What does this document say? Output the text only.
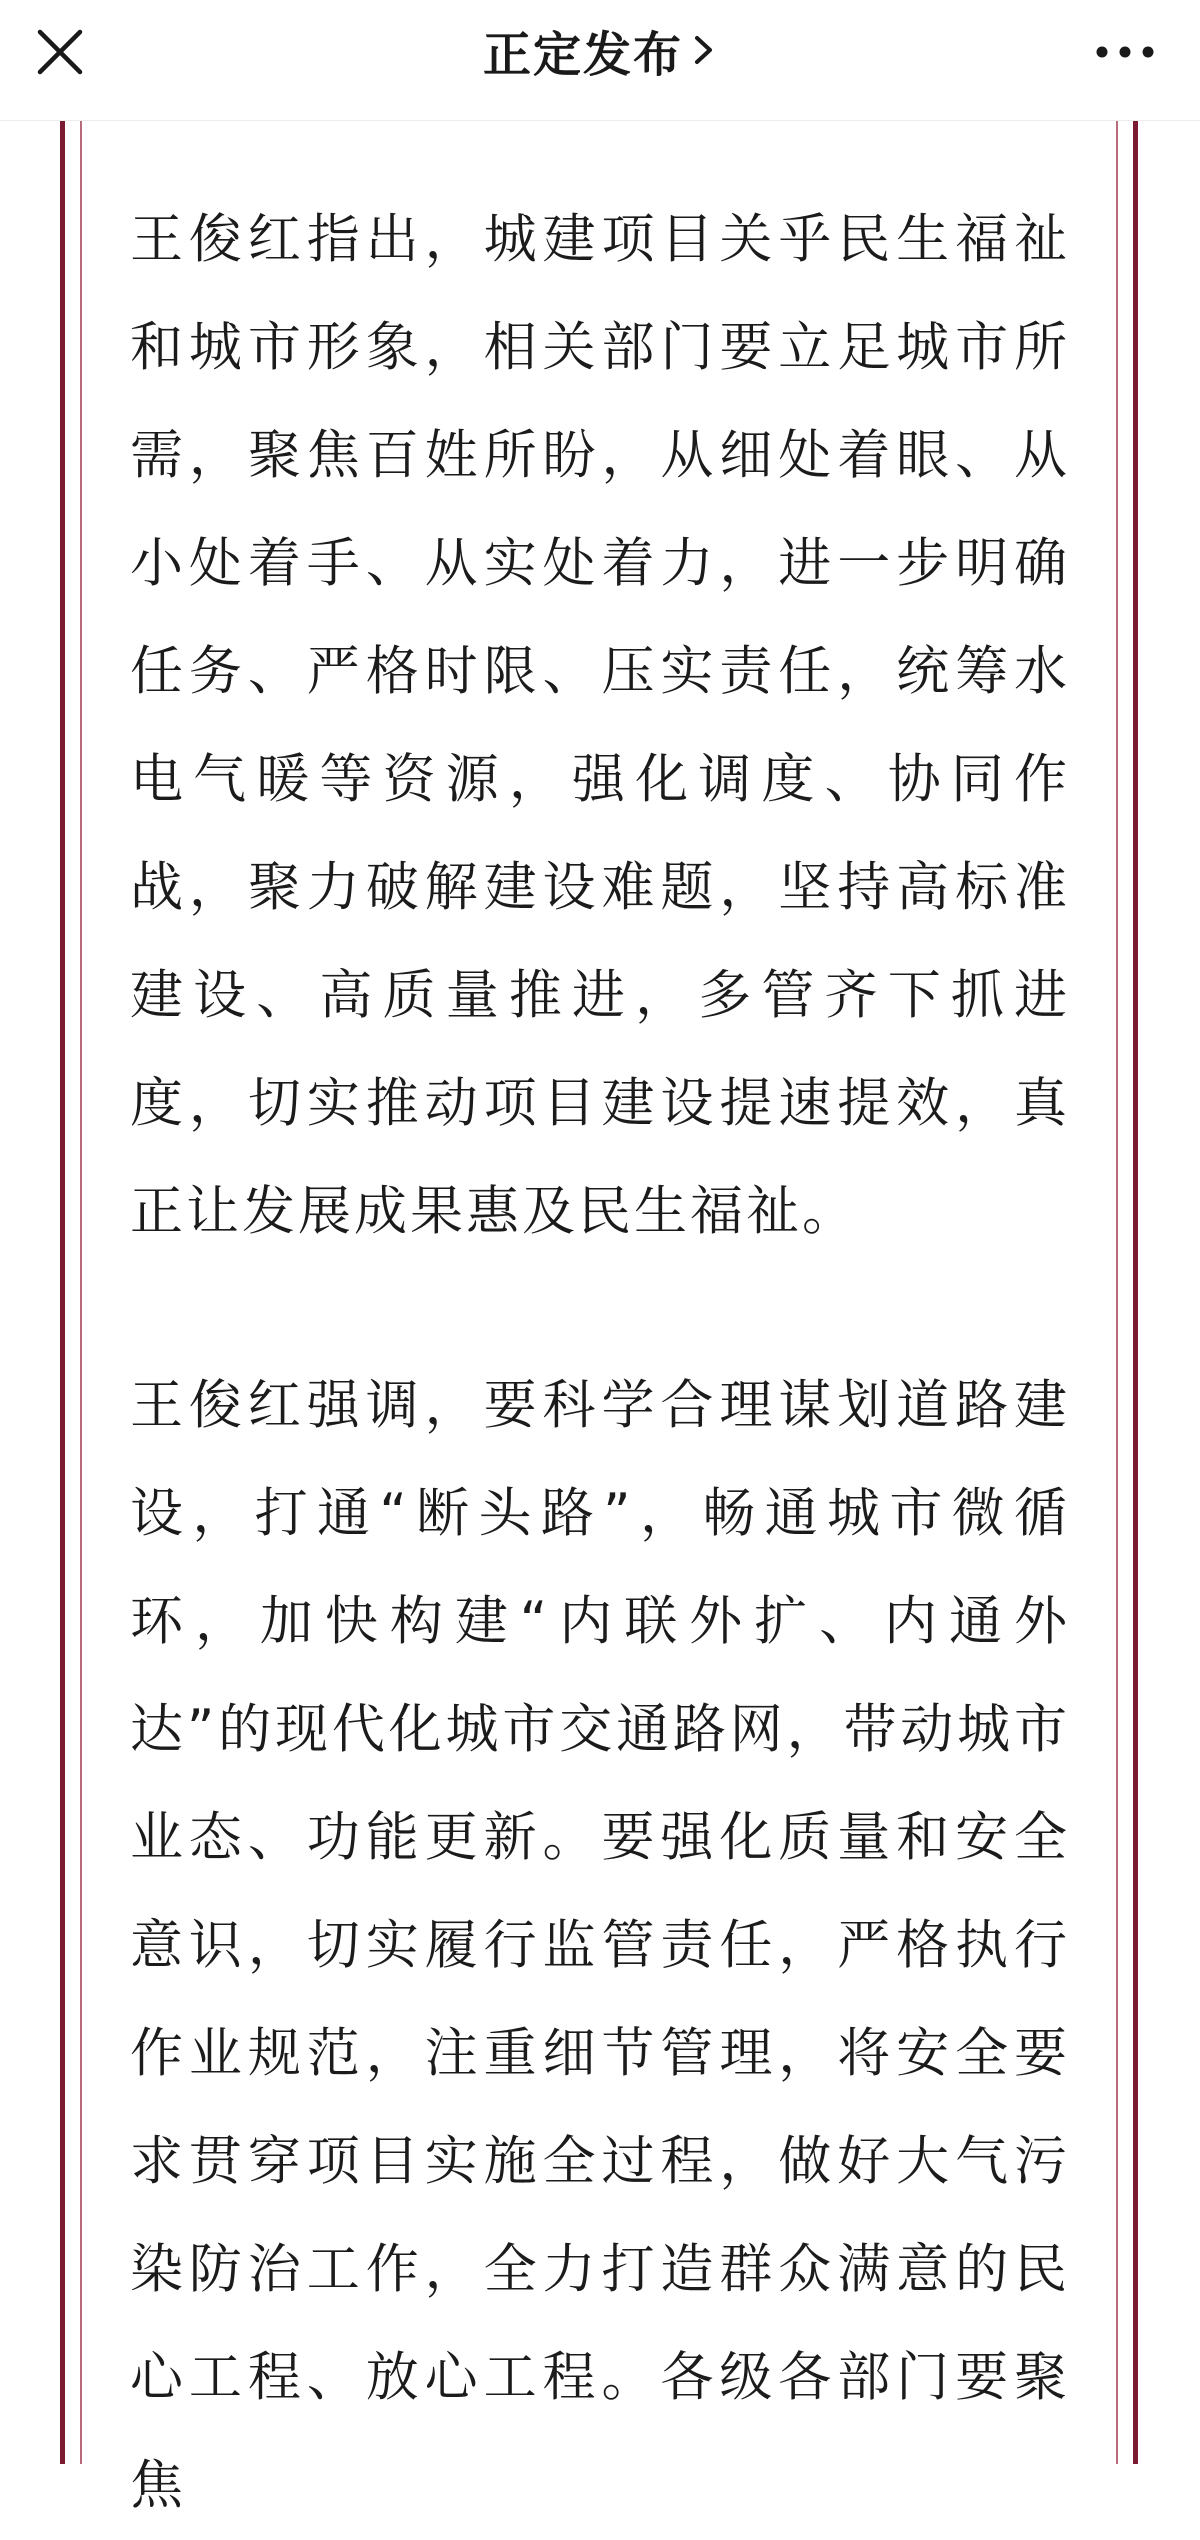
正定发布

王俊红指出，城建项目关乎民生福祉和城市形象，相关部门要立足城市所需，聚焦百姓所盼，从细处着眼、从小处着手、从实处着力，进一步明确任务、严格时限、压实责任，统筹水电气暖等资源，强化调度、协同作战，聚力破解建设难题，坚持高标准建设、高质量推进，多管齐下抓进度，切实推动项目建设提速提效，真正让发展成果惠及民生福祉。

王俊红强调，要科学合理谋划道路建设，打通“断头路”，畅通城市微循环，加快构建“内联外扩、内通外达”的现代化城市交通路网，带动城市业态、功能更新。要强化质量和安全意识，切实履行监管责任，严格执行作业规范，注重细节管理，将安全要求贯穿项目实施全过程，做好大气污染防治工作，全力打造群众满意的民心工程、放心工程。各级各部门要聚焦
